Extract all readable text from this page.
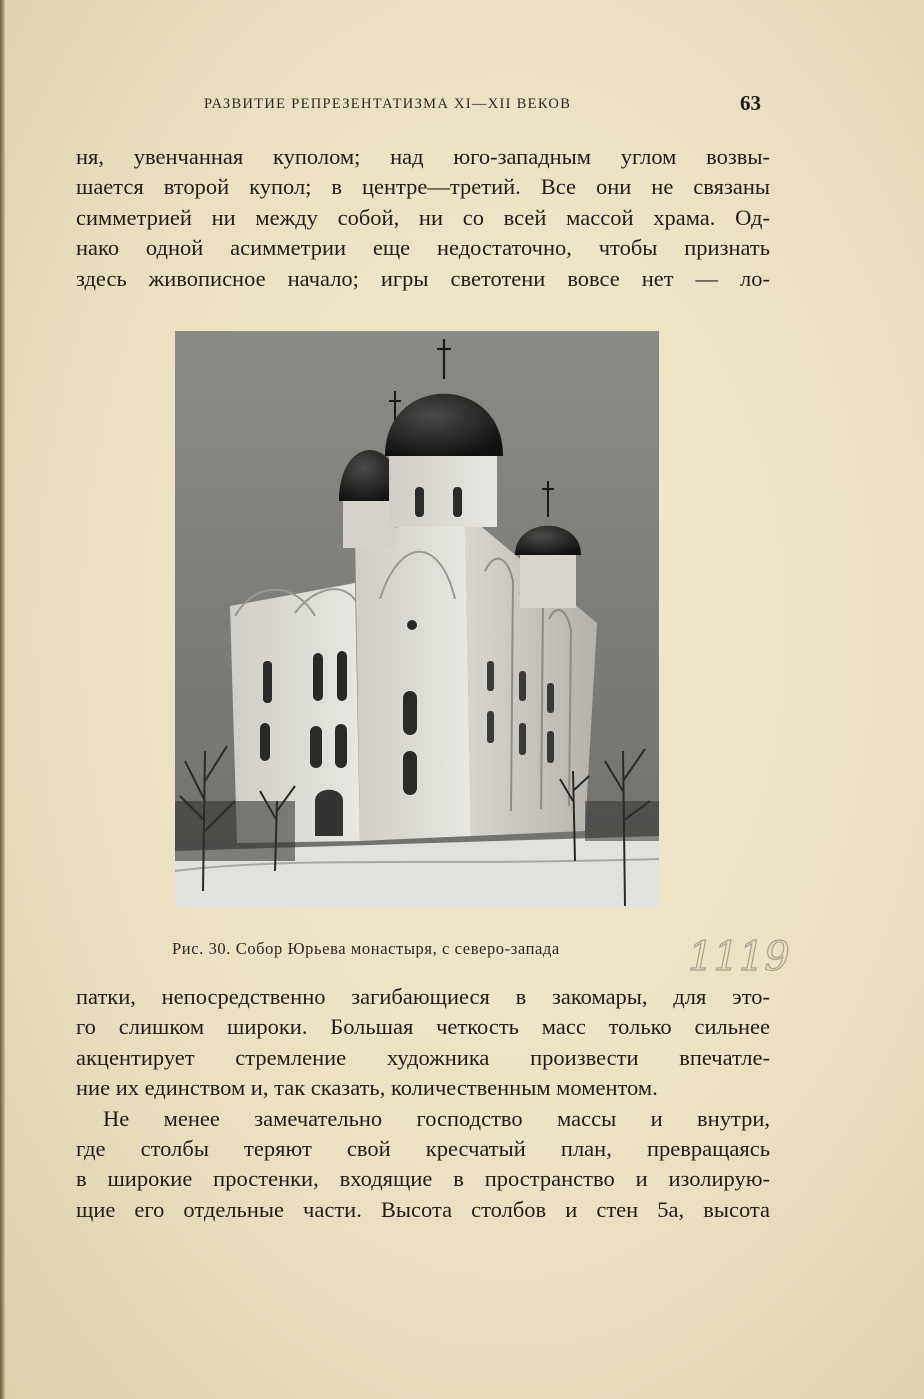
РАЗВИТИЕ РЕПРЕЗЕНТАТИЗМА XI—XII ВЕКОВ	63
ня, увенчанная куполом; над юго-западным углом возвы-
шается второй купол; в центре—третий. Все они не связаны
симметрией ни между собой, ни со всей массой храма. Од-
нако одной асимметрии еще недостаточно, чтобы признать
здесь живописное начало; игры светотени вовсе нет — ло-
Рис. 30. Собор Юрьева монастыря, с северо-запада	1119
патки, непосредственно загибающиеся в закомары, для это-
го слишком широки. Большая четкость масс только сильнее
акцентирует стремление художника произвести впечатле-
ние их единством и, так сказать, количественным моментом.
Не менее замечательно господство массы и внутри,
где столбы теряют свой кресчатый план, превращаясь
в широкие простенки, входящие в пространство и изолирую-
щие его отдельные части. Высота столбов и стен 5а, высота
